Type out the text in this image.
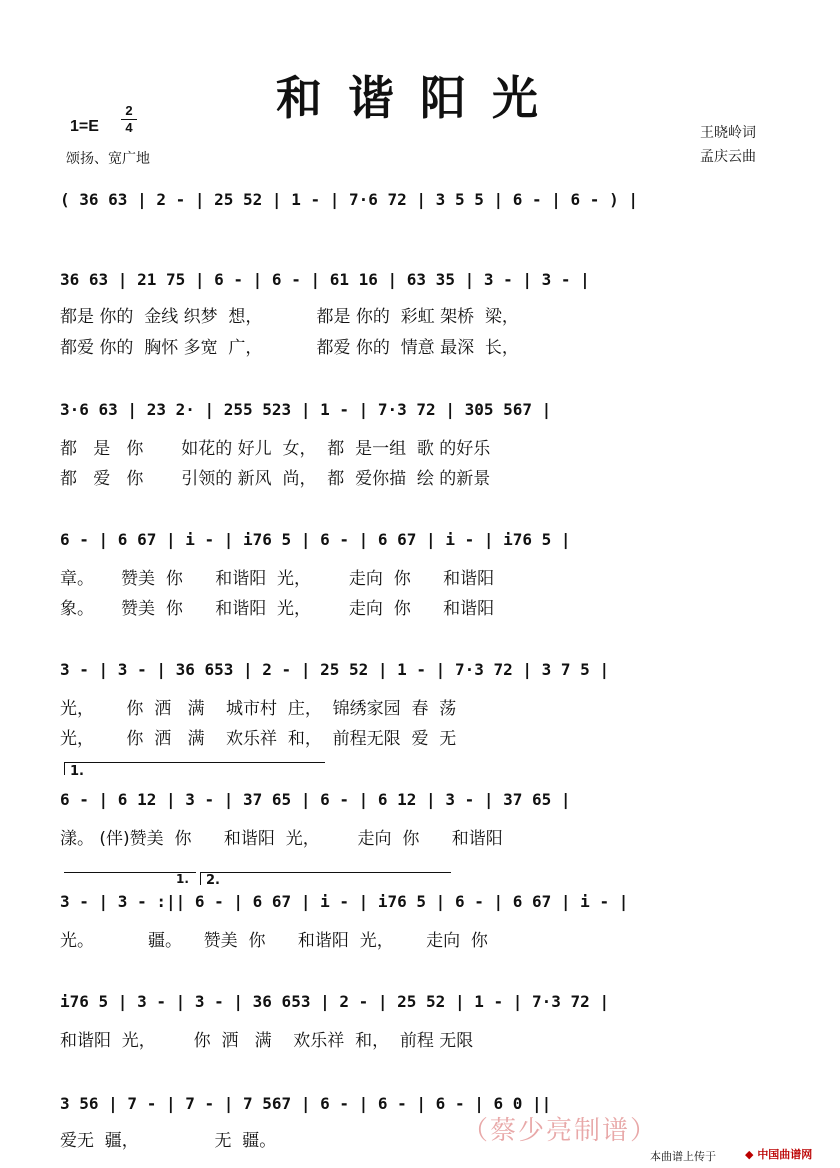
和谐阳光
1=E
2
4
颂扬、宽广地
王晓岭词
孟庆云曲
( 36 63 | 2 - | 25 52 | 1 - | 7·6 72 | 3 5 5 | 6 - | 6 - ) |
36 63 | 21 75 | 6 - | 6 - | 61 16 | 63 35 | 3 - | 3 - |
都是 你的  金线 织梦  想，          都是 你的  彩虹 架桥  梁，
都爱 你的  胸怀 多宽  广，          都爱 你的  情意 最深  长，
3·6 63 | 23 2· | 255 523 | 1 - | 7·3 72 | 305 567 |
都   是   你       如花的 好儿  女，  都  是一组  歌 的好乐
都   爱   你       引领的 新风  尚，  都  爱你描  绘 的新景
6 - | 6 67 | i - | i76 5 | 6 - | 6 67 | i - | i76 5 |
章。     赞美  你      和谐阳  光，       走向  你      和谐阳
象。     赞美  你      和谐阳  光，       走向  你      和谐阳
3 - | 3 - | 36 653 | 2 - | 25 52 | 1 - | 7·3 72 | 3 7 5 |
光，      你  洒   满    城市村  庄，  锦绣家园  春  荡
光，      你  洒   满    欢乐祥  和，  前程无限  爱  无
1.
6 - | 6 12 | 3 - | 37 65 | 6 - | 6 12 | 3 - | 37 65 |
漾。 (伴)赞美  你      和谐阳  光，       走向  你      和谐阳
1. 2.
3 - | 3 - :|| 6 - | 6 67 | i - | i76 5 | 6 - | 6 67 | i - |
光。          疆。    赞美  你      和谐阳  光，      走向  你
i76 5 | 3 - | 3 - | 36 653 | 2 - | 25 52 | 1 - | 7·3 72 |
和谐阳  光，       你  洒   满    欢乐祥  和，  前程 无限
3 56 | 7 - | 7 - | 7 567 | 6 - | 6 - | 6 - | 6 0 ||
爱无  疆，              无  疆。	（蔡少亮制谱）
本曲谱上传于	◆ 中国曲谱网
